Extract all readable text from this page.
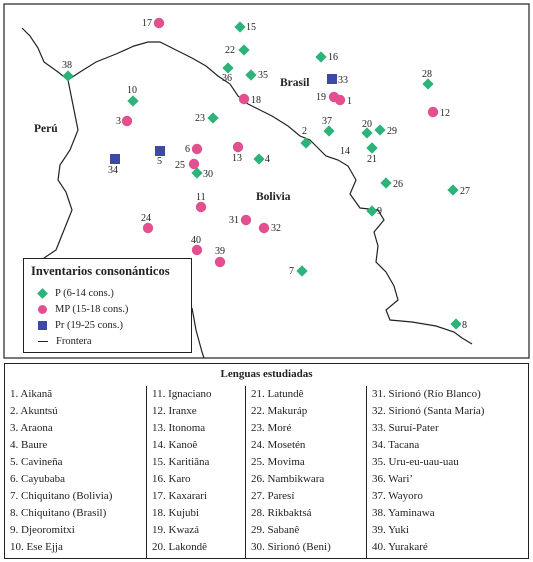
Perú
Brasil
Bolivia
1
2
3
4
5
6
7
8
9
10
11
12
13
14
15
16
17
18	19
20
21
22
23
24
25
26
27
28
29
30
31
32
33
34
35
36
37
38
39
40
Inventarios consonánticos
P (6-14 cons.)
MP (15-18 cons.)
Pr (19-25 cons.)
Frontera
Lenguas estudiadas
1. Aikanã
2. Akuntsú
3. Araona
4. Baure
5. Cavineña
6. Cayubaba
7. Chiquitano (Bolivia)
8. Chiquitano (Brasil)
9. Djeoromitxi
10. Ese Ejja
11. Ignaciano
12. Iranxe
13. Itonoma
14. Kanoê
15. Karitiâna
16. Karo
17. Kaxarari
18. Kujubi
19. Kwazá
20. Lakondê
21. Latundê
22. Makuráp
23. Moré
24. Mosetén
25. Movima
26. Nambikwara
27. Paresí
28. Rikbaktsá
29. Sabanê
30. Sirionó (Beni)
31. Sirionó (Río Blanco)
32. Sirionó (Santa María)
33. Suruí-Pater
34. Tacana
35. Uru-eu-uau-uau
36. Wari’
37. Wayoro
38. Yaminawa
39. Yuki
40. Yurakaré
